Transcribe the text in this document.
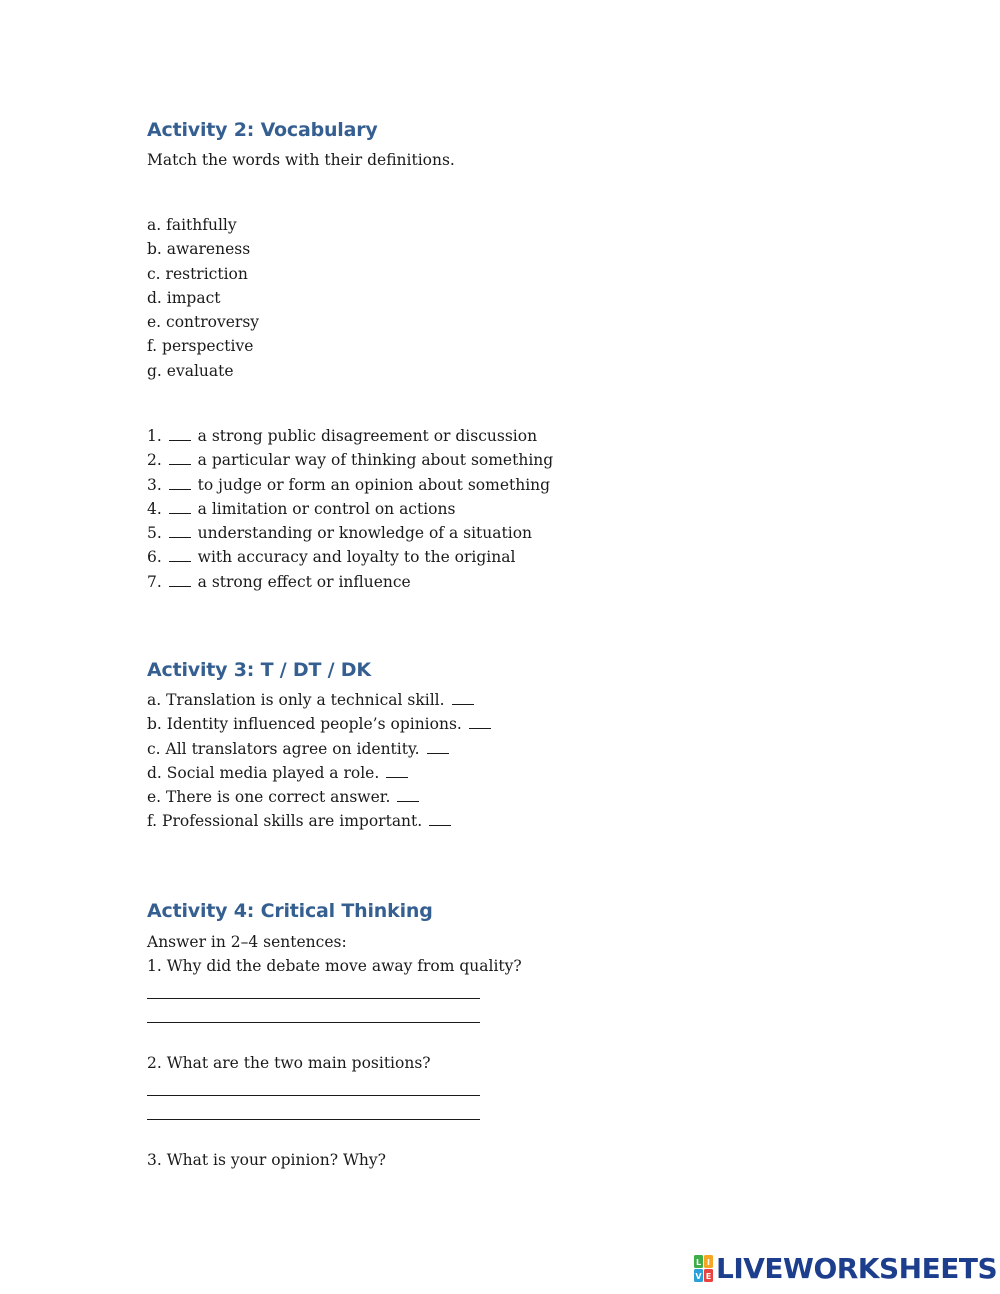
Activity 2: Vocabulary

Match the words with their definitions.

a. faithfully
b. awareness
c. restriction
d. impact
e. controversy
f. perspective
g. evaluate
1. a strong public disagreement or discussion
2. a particular way of thinking about something
3. to judge or form an opinion about something
4. a limitation or control on actions
5. understanding or knowledge of a situation
6. with accuracy and loyalty to the original
7. a strong effect or influence
Activity 3: T / DT / DK
a. Translation is only a technical skill.
b. Identity influenced people’s opinions.
c. All translators agree on identity.
d. Social media played a role.
e. There is one correct answer.
f. Professional skills are important.
Activity 4: Critical Thinking

Answer in 2–4 sentences:

1. Why did the debate move away from quality?

2. What are the two main positions?

3. What is your opinion? Why?

L I
V E LIVEWORKSHEETS
